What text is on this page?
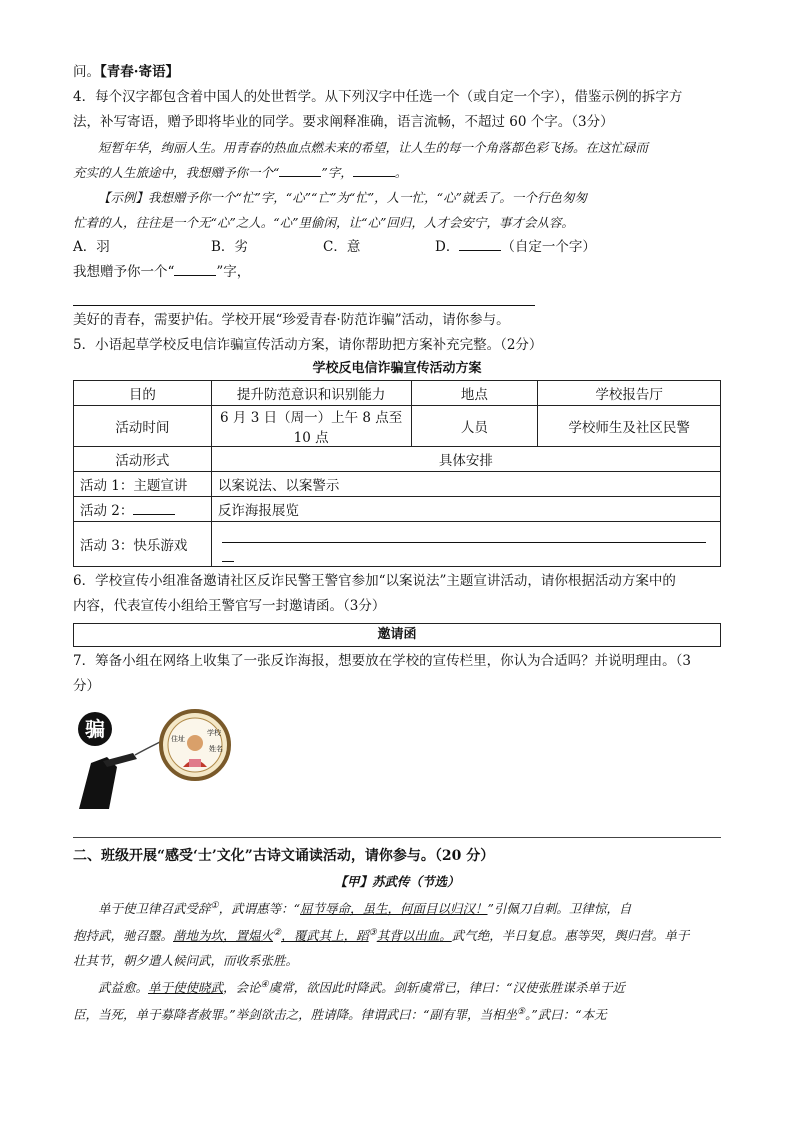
问。【青春·寄语】

4．每个汉字都包含着中国人的处世哲学。从下列汉字中任选一个（或自定一个字），借鉴示例的拆字方

法，补写寄语，赠予即将毕业的同学。要求阐释准确，语言流畅，不超过 60 个字。（3分）

短暂年华，绚丽人生。用青春的热血点燃未来的希望，让人生的每一个角落都色彩飞扬。在这忙碌而

充实的人生旅途中，我想赠予你一个“	”字，	。

【示例】我想赠予你一个“忙”字，“心”“亡”为“忙”，人一忙，“心”就丢了。一个行色匆匆

忙着的人，往往是一个无“心”之人。“心”里偷闲，让“心”回归，人才会安宁，事才会从容。

A．羽	B．劣	C．意	D．	（自定一个字）

我想赠予你一个“	”字，

美好的青春，需要护佑。学校开展“珍爱青春·防范诈骗”活动，请你参与。

5．小语起草学校反电信诈骗宣传活动方案，请你帮助把方案补充完整。（2分）

学校反电信诈骗宣传活动方案
目的	提升防范意识和识别能力	地点	学校报告厅
活动时间	6 月 3 日（周一）上午 8 点至 10 点	人员	学校师生及社区民警
活动形式	具体安排		
活动 1：主题宣讲	以案说法、以案警示		
活动 2：	反诈海报展览		
活动 3：快乐游戏			

6．学校宣传小组准备邀请社区反诈民警王警官参加“以案说法”主题宣讲活动，请你根据活动方案中的

内容，代表宣传小组给王警官写一封邀请函。（3分）

邀请函

7．筹备小组在网络上收集了一张反诈海报，想要放在学校的宣传栏里，你认为合适吗？并说明理由。（3

分）

骗	住址
学校
姓名

二、班级开展“感受‘士’文化”古诗文诵读活动，请你参与。（20 分）

【甲】苏武传（节选）

单于使卫律召武受辞①，武谓惠等：“屈节辱命，虽生，何面目以归汉！”引佩刀自刺。卫律惊，自

抱持武，驰召毉。凿地为坎，置煴火②，覆武其上，蹈③其背以出血。武气绝，半日复息。惠等哭，舆归营。单于

壮其节，朝夕遣人候问武，而收系张胜。

武益愈。单于使使晓武，会论④虞常，欲因此时降武。剑斩虞常已，律曰：“汉使张胜谋杀单于近

臣，当死，单于募降者赦罪。”举剑欲击之，胜请降。律谓武曰：“副有罪，当相坐⑤。”武曰：“本无
